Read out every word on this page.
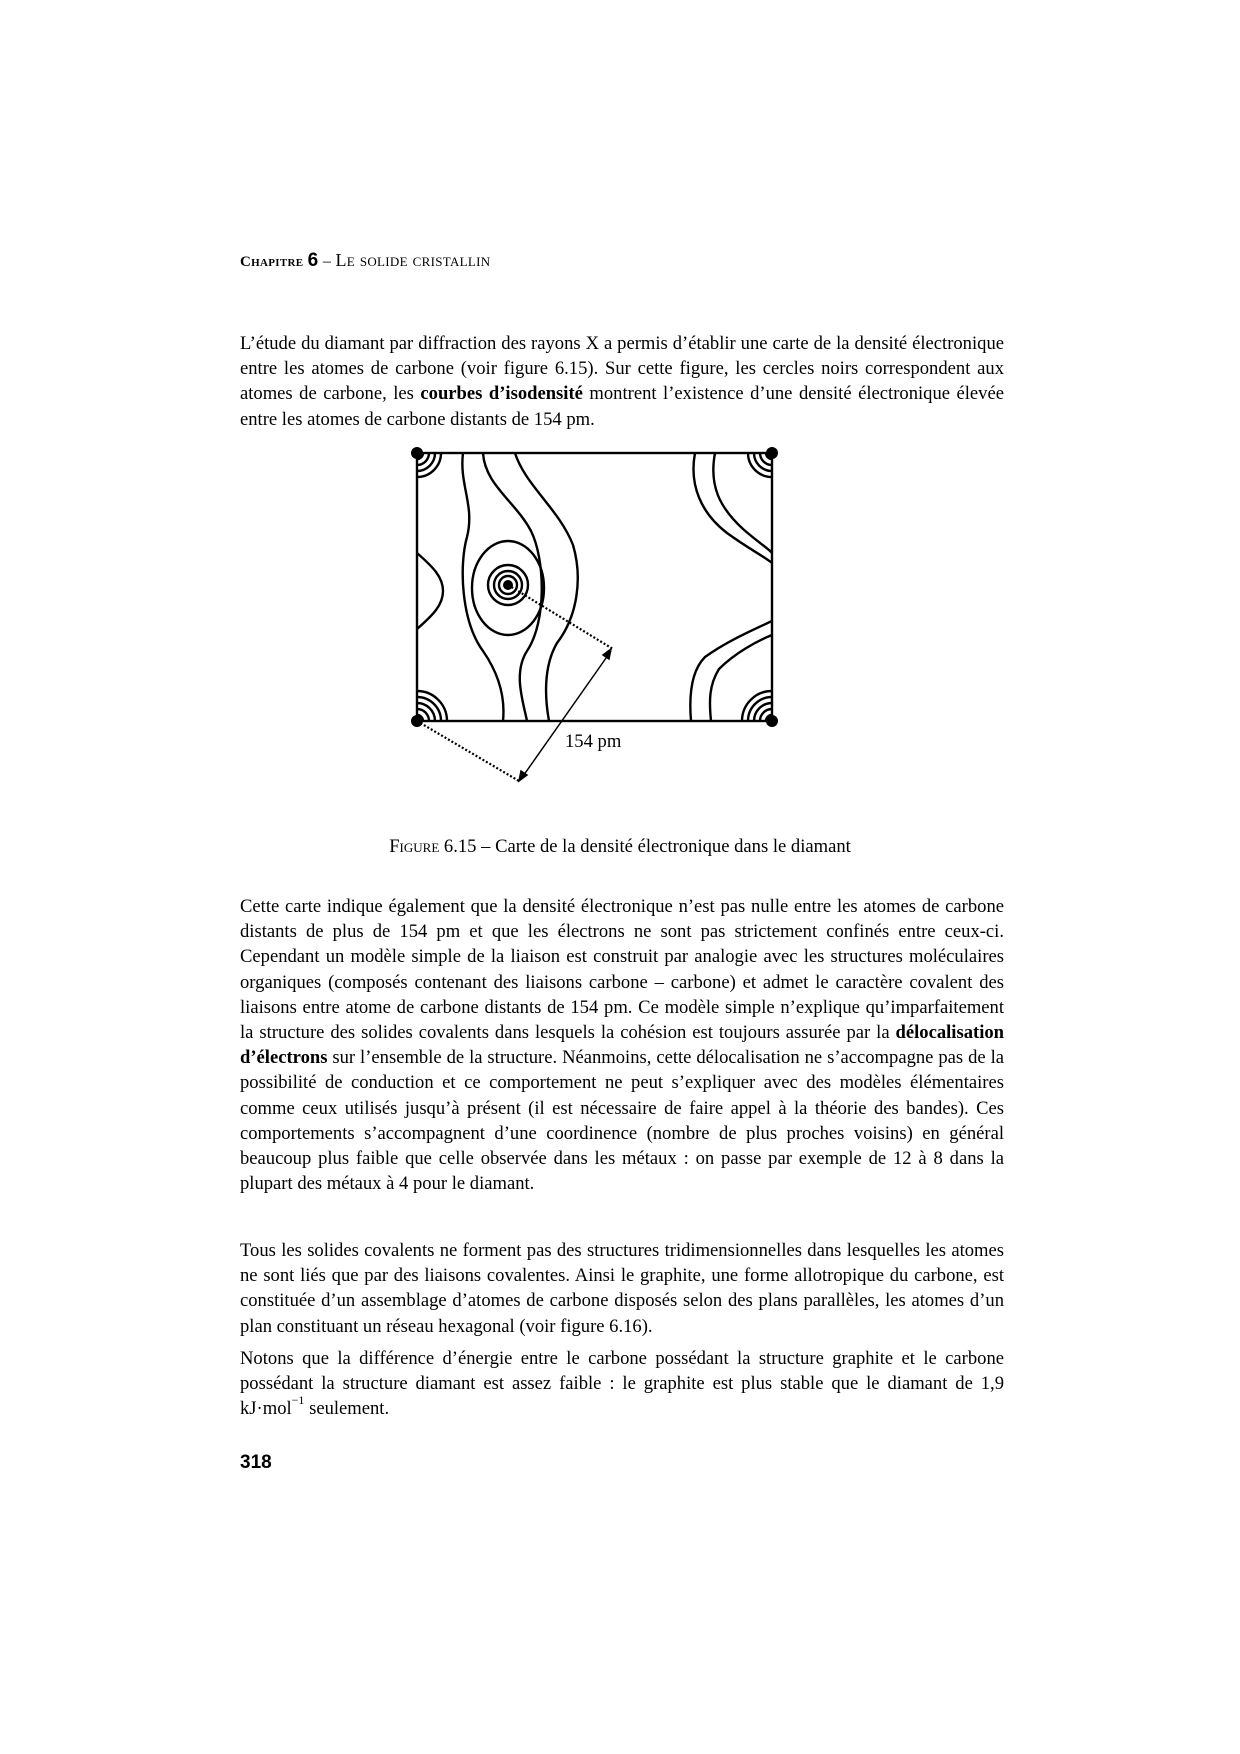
Chapitre 6 – Le solide cristallin

L’étude du diamant par diffraction des rayons X a permis d’établir une carte de la densité électronique entre les atomes de carbone (voir figure 6.15). Sur cette figure, les cercles noirs correspondent aux atomes de carbone, les courbes d’isodensité montrent l’existence d’une densité électronique élevée entre les atomes de carbone distants de 154 pm.

154 pm
Figure 6.15 – Carte de la densité électronique dans le diamant

Cette carte indique également que la densité électronique n’est pas nulle entre les atomes de carbone distants de plus de 154 pm et que les électrons ne sont pas strictement confinés entre ceux-ci. Cependant un modèle simple de la liaison est construit par analogie avec les structures moléculaires organiques (composés contenant des liaisons carbone – carbone) et admet le caractère covalent des liaisons entre atome de carbone distants de 154 pm. Ce modèle simple n’explique qu’imparfaitement la structure des solides covalents dans lesquels la cohésion est toujours assurée par la délocalisation d’électrons sur l’ensemble de la structure. Néanmoins, cette délocalisation ne s’accompagne pas de la possibilité de conduction et ce comportement ne peut s’expliquer avec des modèles élémentaires comme ceux utilisés jusqu’à présent (il est nécessaire de faire appel à la théorie des bandes). Ces comportements s’accompagnent d’une coordinence (nombre de plus proches voisins) en général beaucoup plus faible que celle observée dans les métaux : on passe par exemple de 12 à 8 dans la plupart des métaux à 4 pour le diamant.

Tous les solides covalents ne forment pas des structures tridimensionnelles dans lesquelles les atomes ne sont liés que par des liaisons covalentes. Ainsi le graphite, une forme allotropique du carbone, est constituée d’un assemblage d’atomes de carbone disposés selon des plans parallèles, les atomes d’un plan constituant un réseau hexagonal (voir figure 6.16).

Notons que la différence d’énergie entre le carbone possédant la structure graphite et le carbone possédant la structure diamant est assez faible : le graphite est plus stable que le diamant de 1,9 kJ·mol$^{-1}$ seulement.

318
